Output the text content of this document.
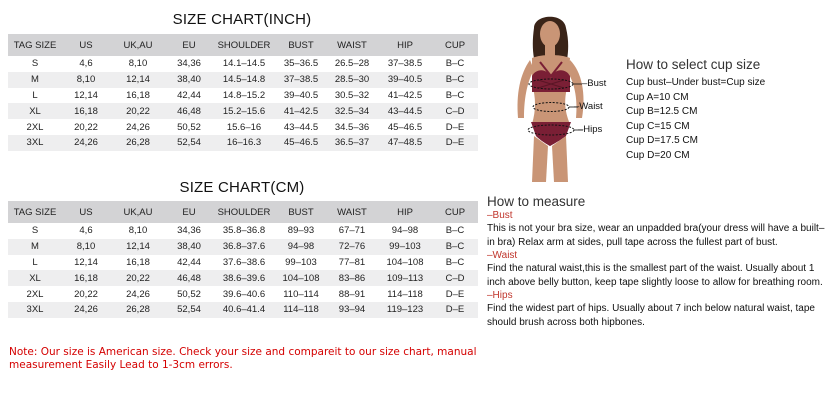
SIZE CHART(INCH)
TAG SIZE	US	UK,AU	EU	SHOULDER	BUST	WAIST	HIP	CUP
S	4,6	8,10	34,36	14.1–14.5	35–36.5	26.5–28	37–38.5	B–C
M	8,10	12,14	38,40	14.5–14.8	37–38.5	28.5–30	39–40.5	B–C
L	12,14	16,18	42,44	14.8–15.2	39–40.5	30.5–32	41–42.5	B–C
XL	16,18	20,22	46,48	15.2–15.6	41–42.5	32.5–34	43–44.5	C–D
2XL	20,22	24,26	50,52	15.6–16	43–44.5	34.5–36	45–46.5	D–E
3XL	24,26	26,28	52,54	16–16.3	45–46.5	36.5–37	47–48.5	D–E
SIZE CHART(CM)
TAG SIZE	US	UK,AU	EU	SHOULDER	BUST	WAIST	HIP	CUP
S	4,6	8,10	34,36	35.8–36.8	89–93	67–71	94–98	B–C
M	8,10	12,14	38,40	36.8–37.6	94–98	72–76	99–103	B–C
L	12,14	16,18	42,44	37.6–38.6	99–103	77–81	104–108	B–C
XL	16,18	20,22	46,48	38.6–39.6	104–108	83–86	109–113	C–D
2XL	20,22	24,26	50,52	39.6–40.6	110–114	88–91	114–118	D–E
3XL	24,26	26,28	52,54	40.6–41.4	114–118	93–94	119–123	D–E
Note: Our size is American size. Check your size and compareit to our size chart, manual measurement Easily Lead to 1-3cm errors.
–Bust
–Waist
–Hips
How to select cup size
Cup bust–Under bust=Cup size
Cup A=10 CM
Cup B=12.5 CM
Cup C=15 CM
Cup D=17.5 CM
Cup D=20 CM
How to measure
–Bust
This is not your bra size, wear an unpadded bra(your dress will have a built–in bra) Relax arm at sides, pull tape across the fullest part of bust.
–Waist
Find the natural waist,this is the smallest part of the waist. Usually about 1 inch above belly button, keep tape slightly loose to allow for breathing room.
–Hips
Find the widest part of hips. Usually about 7 inch below natural waist, tape should brush across both hipbones.
